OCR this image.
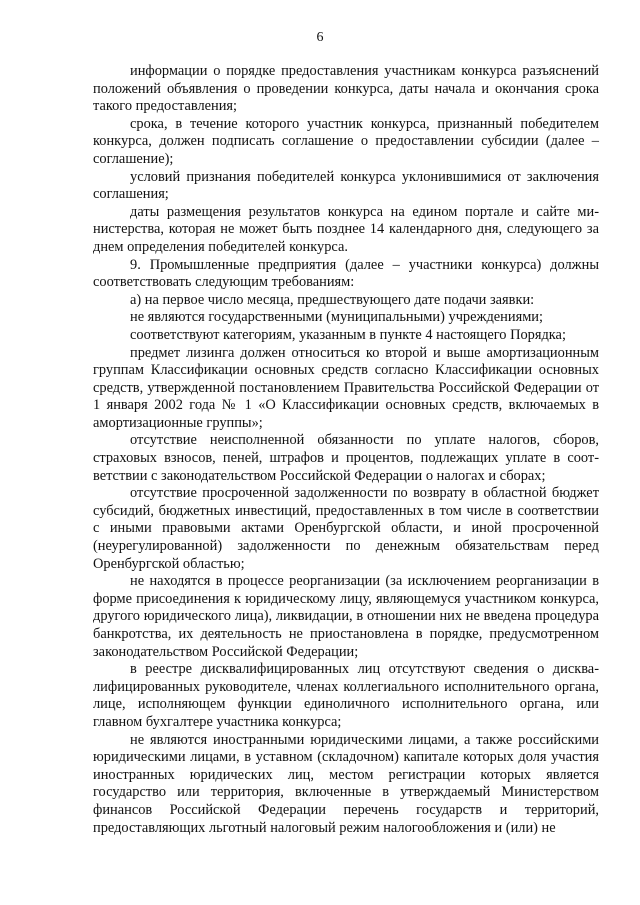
6

информации о порядке предоставления участникам конкурса разъяснений положений объявления о проведении конкурса, даты начала и окончания срока такого предоставления;

срока, в течение которого участник конкурса, признанный победителем конкурса, должен подписать соглашение о предоставлении субсидии (далее – соглашение);

условий признания победителей конкурса уклонившимися от заключения соглашения;

даты размещения результатов конкурса на едином портале и сайте министерства, которая не может быть позднее 14 календарного дня, следующего за днем определения победителей конкурса.

9. Промышленные предприятия (далее – участники конкурса) должны соответствовать следующим требованиям:

а) на первое число месяца, предшествующего дате подачи заявки:

не являются государственными (муниципальными) учреждениями;

соответствуют категориям, указанным в пункте 4 настоящего Порядка;

предмет лизинга должен относиться ко второй и выше амортизационным группам Классификации основных средств согласно Классификации основных средств, утвержденной постановлением Правительства Российской Федерации от 1 января 2002 года № 1 «О Классификации основных средств, включаемых в амортизационные группы»;

отсутствие неисполненной обязанности по уплате налогов, сборов, страховых взносов, пеней, штрафов и процентов, подлежащих уплате в соответствии с законодательством Российской Федерации о налогах и сборах;

отсутствие просроченной задолженности по возврату в областной бюджет субсидий, бюджетных инвестиций, предоставленных в том числе в соответствии с иными правовыми актами Оренбургской области, и иной просроченной (неурегулированной) задолженности по денежным обязательствам перед Оренбургской областью;

не находятся в процессе реорганизации (за исключением реорганизации в форме присоединения к юридическому лицу, являющемуся участником конкурса, другого юридического лица), ликвидации, в отношении них не введена процедура банкротства, их деятельность не приостановлена в порядке, предусмотренном законодательством Российской Федерации;

в реестре дисквалифицированных лиц отсутствуют сведения о дисквалифицированных руководителе, членах коллегиального исполнительного органа, лице, исполняющем функции единоличного исполнительного органа, или главном бухгалтере участника конкурса;

не являются иностранными юридическими лицами, а также российскими юридическими лицами, в уставном (складочном) капитале которых доля участия иностранных юридических лиц, местом регистрации которых является государство или территория, включенные в утверждаемый Министерством финансов Российской Федерации перечень государств и территорий, предоставляющих льготный налоговый режим налогообложения и (или) не
